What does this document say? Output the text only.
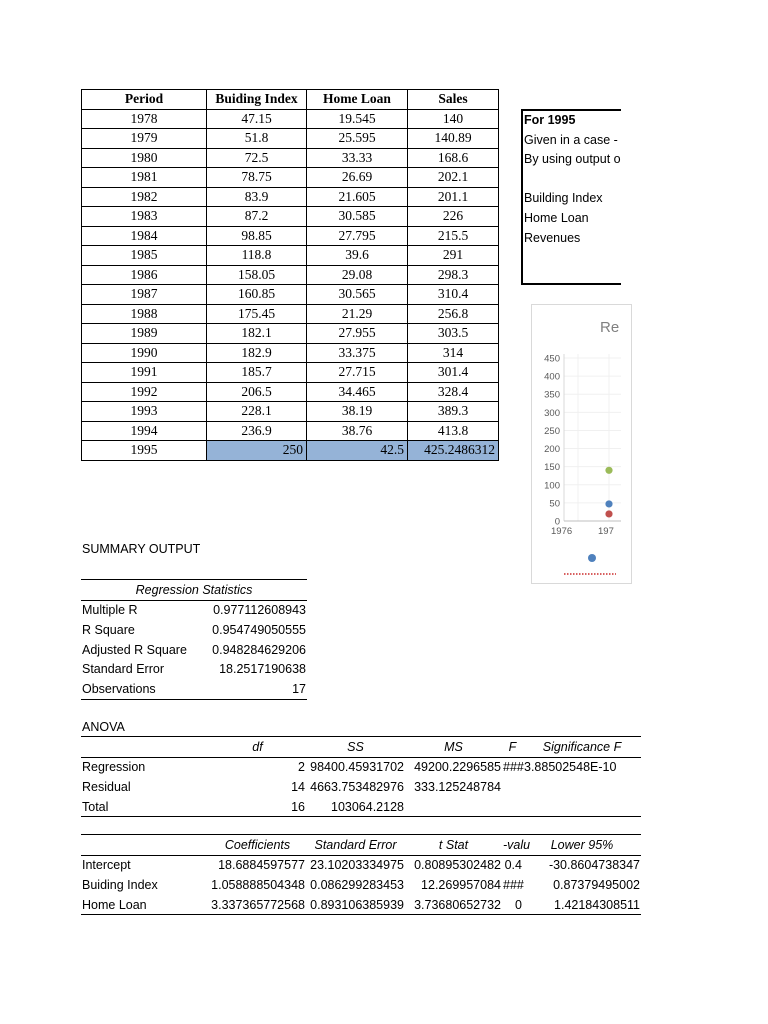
Period	Buiding Index	Home Loan	Sales
1978	47.15	19.545	140
1979	51.8	25.595	140.89
1980	72.5	33.33	168.6
1981	78.75	26.69	202.1
1982	83.9	21.605	201.1
1983	87.2	30.585	226
1984	98.85	27.795	215.5
1985	118.8	39.6	291
1986	158.05	29.08	298.3
1987	160.85	30.565	310.4
1988	175.45	21.29	256.8
1989	182.1	27.955	303.5
1990	182.9	33.375	314
1991	185.7	27.715	301.4
1992	206.5	34.465	328.4
1993	228.1	38.19	389.3
1994	236.9	38.76	413.8
1995	250	42.5	425.2486312
For 1995
Given in a case -
By using output o
Building Index
Home Loan
Revenues
Re
0
50
100
150
200
250
300
350
400
450
1976	197
SUMMARY OUTPUT
Regression Statistics	
Multiple R	0.977112608943
R Square	0.954749050555
Adjusted R Square	0.948284629206
Standard Error	18.2517190638
Observations	17
ANOVA
	df	SS	MS	F	Significance F
Regression	2	98400.45931702	49200.2296585	###	3.88502548E-10
Residual	14	4663.753482976	333.125248784		
Total	16	103064.2128			
	Coefficients	Standard Error	t Stat	-valu	Lower 95%
Intercept	18.6884597577	23.10203334975	0.80895302482	0.4	-30.8604738347
Buiding Index	1.058888504348	0.086299283453	12.269957084	###	0.87379495002
Home Loan	3.337365772568	0.893106385939	3.73680652732	0	1.42184308511
